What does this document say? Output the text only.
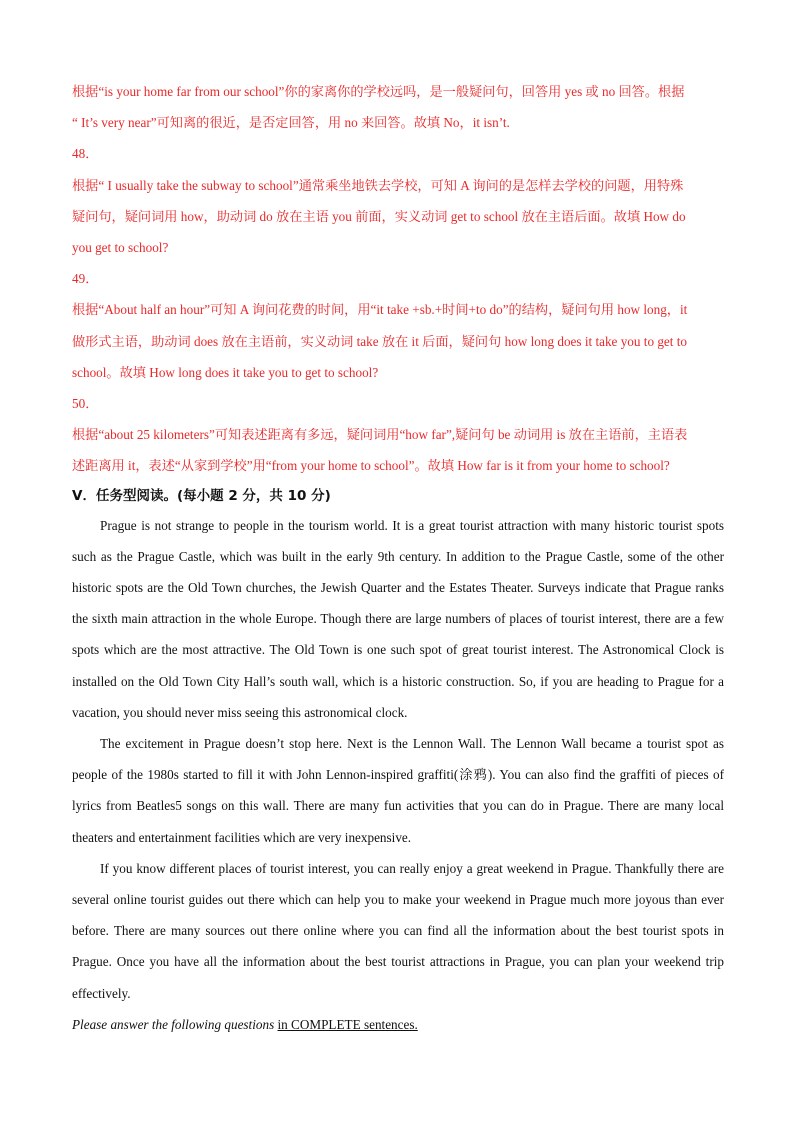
根据“is your home far from our school”你的家离你的学校远吗，是一般疑问句，回答用 yes 或 no 回答。根据

“ It’s very near”可知离的很近，是否定回答，用 no 来回答。故填 No，it isn’t.

48．

根据“ I usually take the subway to school”通常乘坐地铁去学校，可知 A 询问的是怎样去学校的问题，用特殊

疑问句，疑问词用 how，助动词 do 放在主语 you 前面，实义动词 get to school 放在主语后面。故填 How do

you get to school?

49．

根据“About half an hour”可知 A 询问花费的时间，用“it take +sb.+时间+to do”的结构，疑问句用 how long，it

做形式主语，助动词 does 放在主语前，实义动词 take 放在 it 后面，疑问句 how long does it take you to get to

school。故填 How long does it take you to get to school?

50．

根据“about 25 kilometers”可知表述距离有多远，疑问词用“how far”,疑问句 be 动词用 is 放在主语前，主语表

述距离用 it，表述“从家到学校”用“from your home to school”。故填 How far is it from your home to school?

V．任务型阅读。(每小题 2 分，共 10 分)

Prague is not strange to people in the tourism world. It is a great tourist attraction with many historic tourist spots such as the Prague Castle, which was built in the early 9th century. In addition to the Prague Castle, some of the other historic spots are the Old Town churches, the Jewish Quarter and the Estates Theater. Surveys indicate that Prague ranks the sixth main attraction in the whole Europe. Though there are large numbers of places of tourist interest, there are a few spots which are the most attractive. The Old Town is one such spot of great tourist interest. The Astronomical Clock is installed on the Old Town City Hall’s south wall, which is a historic construction. So, if you are heading to Prague for a vacation, you should never miss seeing this astronomical clock.

The excitement in Prague doesn’t stop here. Next is the Lennon Wall. The Lennon Wall became a tourist spot as people of the 1980s started to fill it with John Lennon-inspired graffiti(涂鸦). You can also find the graffiti of pieces of lyrics from Beatles5 songs on this wall. There are many fun activities that you can do in Prague. There are many local theaters and entertainment facilities which are very inexpensive.

If you know different places of tourist interest, you can really enjoy a great weekend in Prague. Thankfully there are several online tourist guides out there which can help you to make your weekend in Prague much more joyous than ever before. There are many sources out there online where you can find all the information about the best tourist spots in Prague. Once you have all the information about the best tourist attractions in Prague, you can plan your weekend trip effectively.

Please answer the following questions in COMPLETE sentences.
